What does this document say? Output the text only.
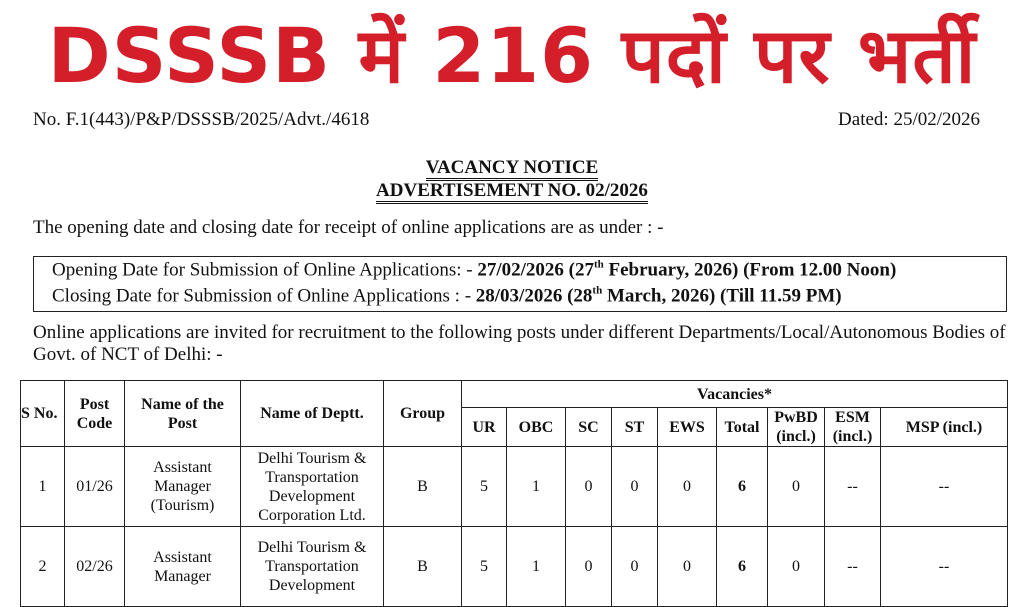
DSSSB में 216 पदों पर भर्ती
No. F.1(443)/P&P/DSSSB/2025/Advt./4618	Dated: 25/02/2026
VACANCY NOTICE
ADVERTISEMENT NO. 02/2026
The opening date and closing date for receipt of online applications are as under : -
Opening Date for Submission of Online Applications: - 27/02/2026 (27th February, 2026) (From 12.00 Noon)
Closing Date for Submission of Online Applications : - 28/03/2026 (28th March, 2026) (Till 11.59 PM)
Online applications are invited for recruitment to the following posts under different Departments/Local/Autonomous Bodies of Govt. of NCT of Delhi: -
S No.	Post Code	Name of the Post	Name of Deptt.	Group	Vacancies*								
					UR	OBC	SC	ST	EWS	Total	PwBD (incl.)	ESM (incl.)	MSP (incl.)
1	01/26	Assistant Manager (Tourism)	Delhi Tourism & Transportation Development Corporation Ltd.	B	5	1	0	0	0	6	0	--	--
2	02/26	Assistant Manager	Delhi Tourism & Transportation Development	B	5	1	0	0	0	6	0	--	--
